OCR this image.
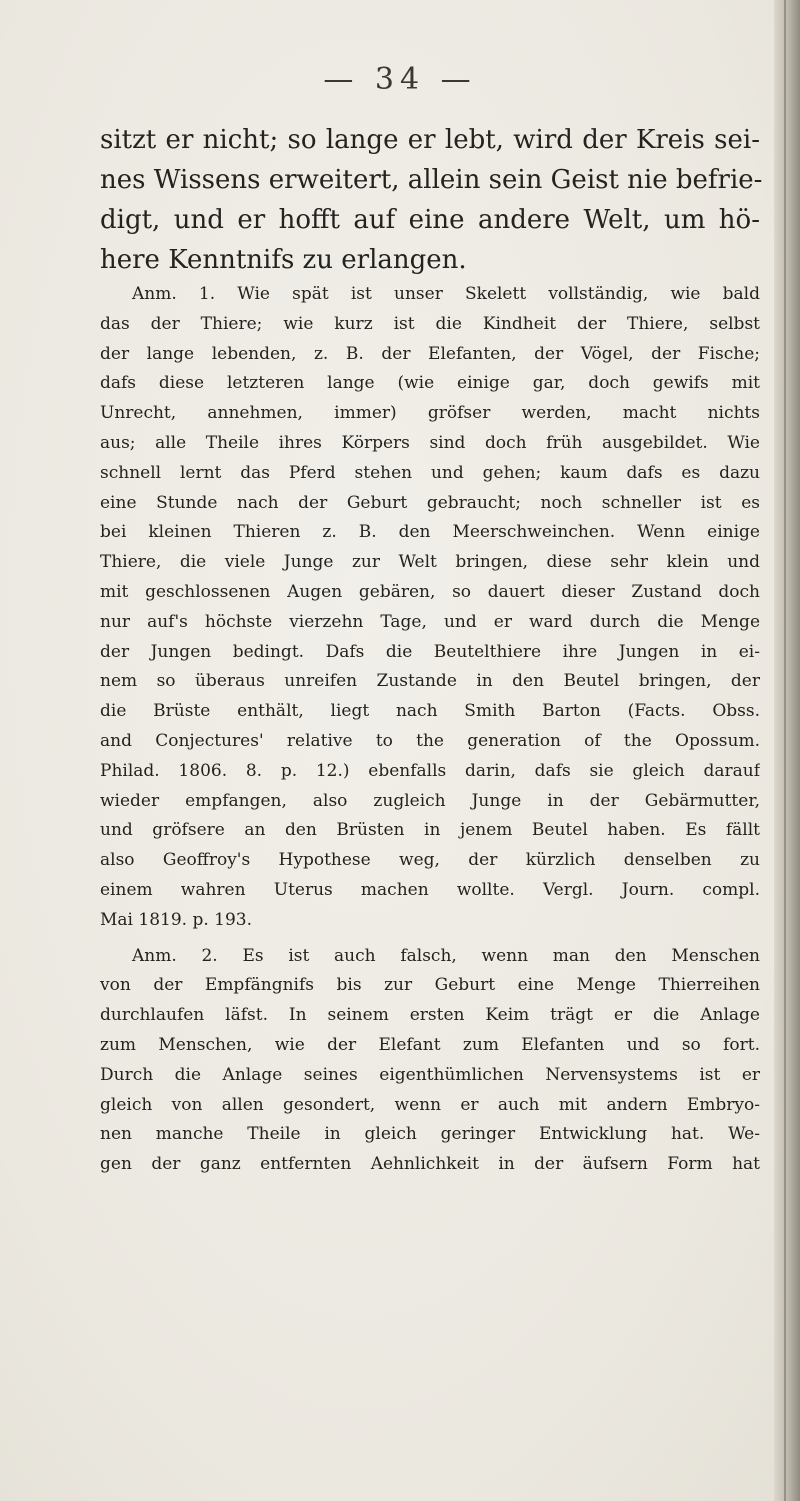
— 34 —
sitzt er nicht; so lange er lebt, wird der Kreis sei-
nes Wissens erweitert, allein sein Geist nie befrie-
digt, und er hofft auf eine andere Welt, um hö-
here Kenntnifs zu erlangen.
Anm. 1. Wie spät ist unser Skelett vollständig, wie bald
das der Thiere; wie kurz ist die Kindheit der Thiere, selbst
der lange lebenden, z. B. der Elefanten, der Vögel, der Fische;
dafs diese letzteren lange (wie einige gar, doch gewifs mit
Unrecht, annehmen, immer) gröfser werden, macht nichts
aus; alle Theile ihres Körpers sind doch früh ausgebildet. Wie
schnell lernt das Pferd stehen und gehen; kaum dafs es dazu
eine Stunde nach der Geburt gebraucht; noch schneller ist es
bei kleinen Thieren z. B. den Meerschweinchen. Wenn einige
Thiere, die viele Junge zur Welt bringen, diese sehr klein und
mit geschlossenen Augen gebären, so dauert dieser Zustand doch
nur auf's höchste vierzehn Tage, und er ward durch die Menge
der Jungen bedingt. Dafs die Beutelthiere ihre Jungen in ei-
nem so überaus unreifen Zustande in den Beutel bringen, der
die Brüste enthält, liegt nach Smith Barton (Facts. Obss.
and Conjectures' relative to the generation of the Opossum.
Philad. 1806. 8. p. 12.) ebenfalls darin, dafs sie gleich darauf
wieder empfangen, also zugleich Junge in der Gebärmutter,
und gröfsere an den Brüsten in jenem Beutel haben. Es fällt
also Geoffroy's Hypothese weg, der kürzlich denselben zu
einem wahren Uterus machen wollte. Vergl. Journ. compl.
Mai 1819. p. 193.
Anm. 2. Es ist auch falsch, wenn man den Menschen
von der Empfängnifs bis zur Geburt eine Menge Thierreihen
durchlaufen läfst. In seinem ersten Keim trägt er die Anlage
zum Menschen, wie der Elefant zum Elefanten und so fort.
Durch die Anlage seines eigenthümlichen Nervensystems ist er
gleich von allen gesondert, wenn er auch mit andern Embryo-
nen manche Theile in gleich geringer Entwicklung hat. We-
gen der ganz entfernten Aehnlichkeit in der äufsern Form hat
